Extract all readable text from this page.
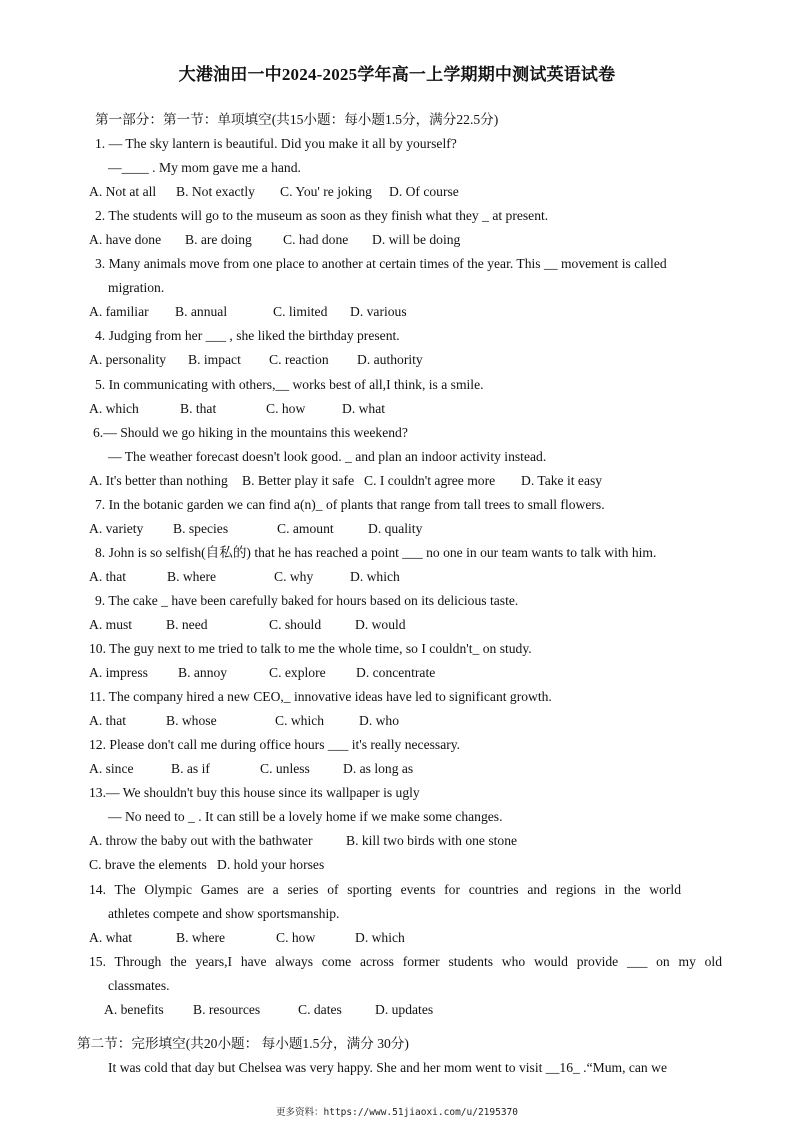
大港油田一中2024-2025学年高一上学期期中测试英语试卷
第一部分：第一节：单项填空(共15小题：每小题1.5分，满分22.5分)
1. — The sky lantern is beautiful. Did you make it all by yourself?
—____ . My mom gave me a hand.
A. Not at all B. Not exactly C. You' re joking D. Of course
2. The students will go to the museum as soon as they finish what they _ at present.
A. have done B. are doing C. had done D. will be doing
3. Many animals move from one place to another at certain times of the year. This __ movement is called
migration.
A. familiar B. annual	C. limited D. various
4. Judging from her ___ , she liked the birthday present.
A. personality B. impact C. reaction D. authority
5. In communicating with others,__ works best of all,I think, is a smile.
A. which	B. that	C. how	D. what
6.— Should we go hiking in the mountains this weekend?
— The weather forecast doesn't look good. _ and plan an indoor activity instead.
A. It's better than nothing B. Better play it safe C. I couldn't agree more D. Take it easy
7. In the botanic garden we can find a(n)_ of plants that range from tall trees to small flowers.
A. variety B. species	C. amount	D. quality
8. John is so selfish(自私的) that he has reached a point ___ no one in our team wants to talk with him.
A. that	B. where	C. why	D. which
9. The cake _ have been carefully baked for hours based on its delicious taste.
A. must B. need	C. should D. would
10. The guy next to me tried to talk to me the whole time, so I couldn't_ on study.
A. impress B. annoy	C. explore D. concentrate
11. The company hired a new CEO,_ innovative ideas have led to significant growth.
A. that	B. whose	C. which	D. who
12. Please don't call me during office hours ___ it's really necessary.
A. since	B. as if	C. unless D. as long as
13.— We shouldn't buy this house since its wallpaper is ugly
— No need to _ . It can still be a lovely home if we make some changes.
A. throw the baby out with the bathwater B. kill two birds with one stone
C. brave the elements D. hold your horses
14. The Olympic Games are a series of sporting events for countries and regions in the world
athletes compete and show sportsmanship.
A. what	B. where	C. how	D. which
15. Through the years,I have always come across former students who would provide ___ on my old
classmates.
A. benefits B. resources	C. dates D. updates
第二节：完形填空(共20小题： 每小题1.5分，满分 30分)
It was cold that day but Chelsea was very happy. She and her mom went to visit __16_ .“Mum, can we
更多资料：https://www.51jiaoxi.com/u/2195370
